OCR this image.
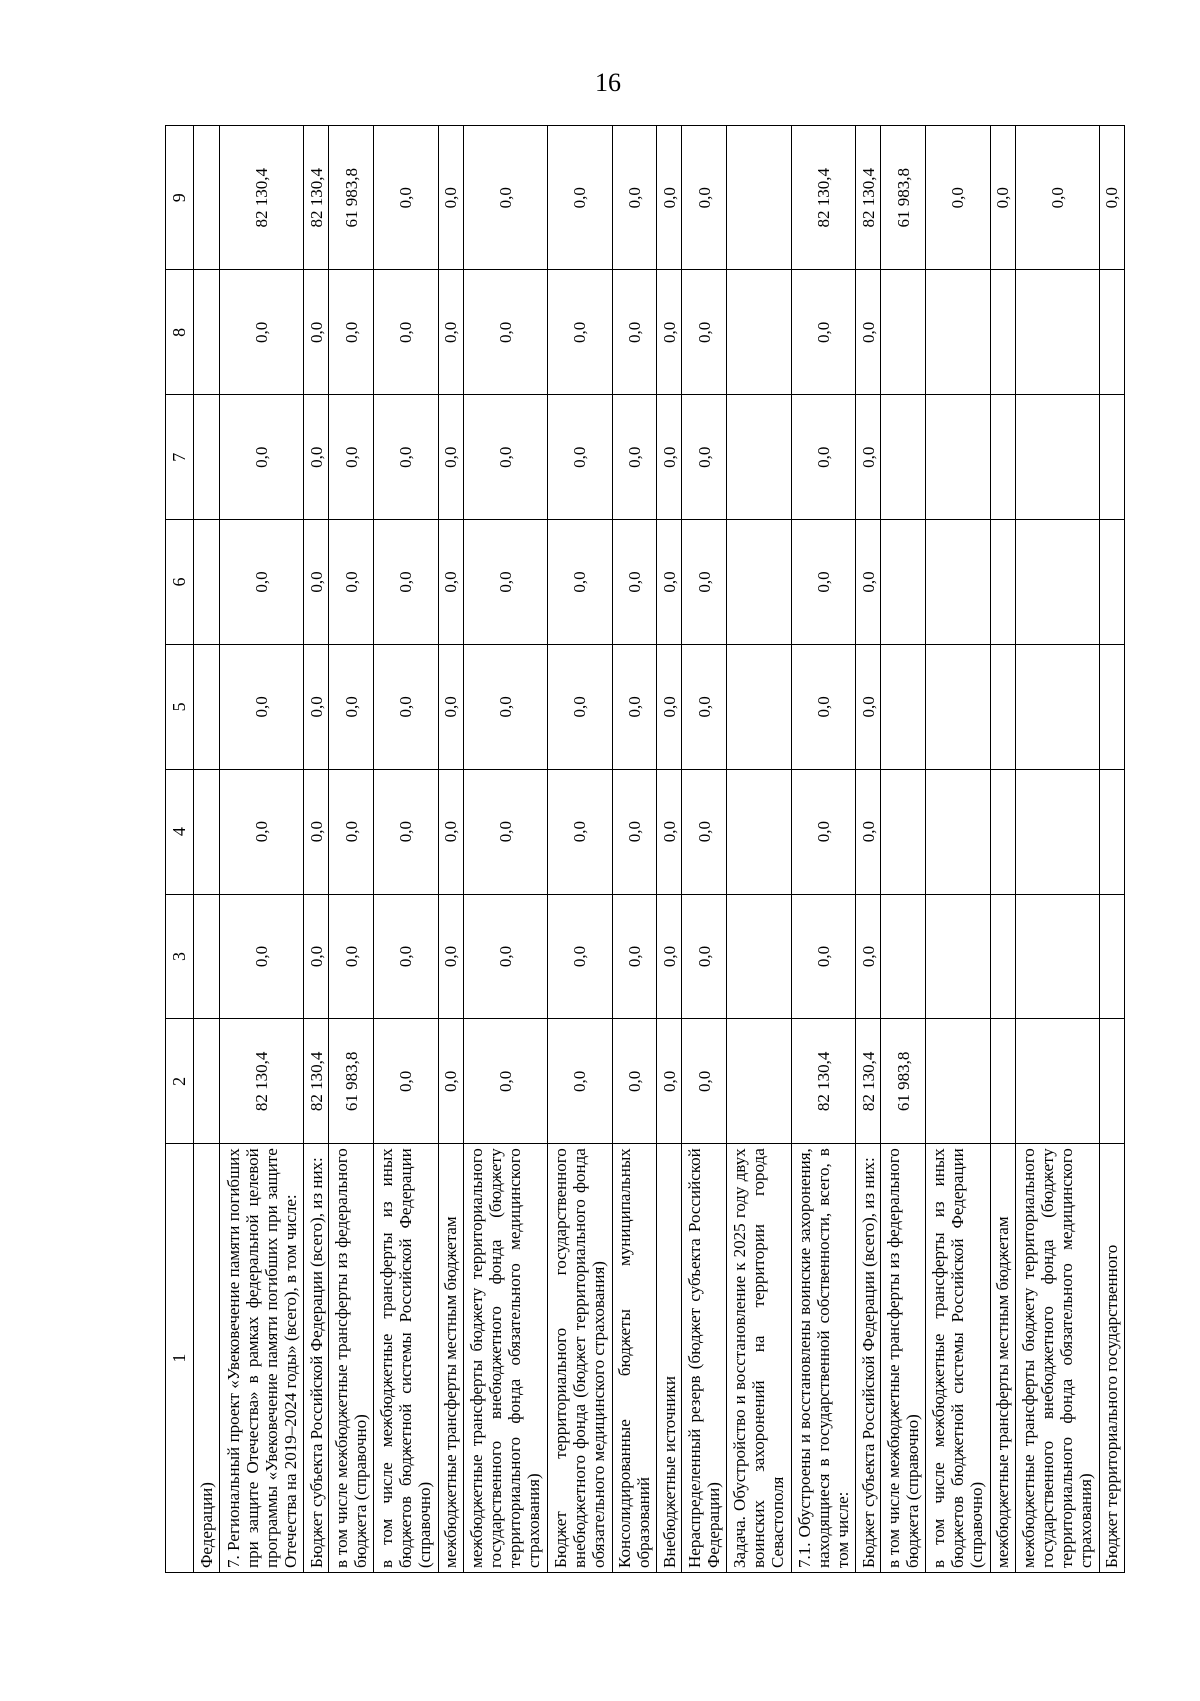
16
1	2	3	4	5	6	7	8	9
Федерации)								
7. Региональный проект «Увековечение памяти погибших при защите Отечества» в рамках федеральной целевой программы «Увековечение памяти погибших при защите Отечества на 2019–2024 годы» (всего), в том числе:	82 130,4	0,0	0,0	0,0	0,0	0,0	0,0	82 130,4
Бюджет субъекта Российской Федерации (всего), из них:	82 130,4	0,0	0,0	0,0	0,0	0,0	0,0	82 130,4
в том числе межбюджетные трансферты из федерального бюджета (справочно)	61 983,8	0,0	0,0	0,0	0,0	0,0	0,0	61 983,8
в том числе межбюджетные трансферты из иных бюджетов бюджетной системы Российской Федерации (справочно)	0,0	0,0	0,0	0,0	0,0	0,0	0,0	0,0
межбюджетные трансферты местным бюджетам	0,0	0,0	0,0	0,0	0,0	0,0	0,0	0,0
межбюджетные трансферты бюджету территориального государственного внебюджетного фонда (бюджету территориального фонда обязательного медицинского страхования)	0,0	0,0	0,0	0,0	0,0	0,0	0,0	0,0
Бюджет территориального государственного внебюджетного фонда (бюджет территориального фонда обязательного медицинского страхования)	0,0	0,0	0,0	0,0	0,0	0,0	0,0	0,0
Консолидированные бюджеты муниципальных образований	0,0	0,0	0,0	0,0	0,0	0,0	0,0	0,0
Внебюджетные источники	0,0	0,0	0,0	0,0	0,0	0,0	0,0	0,0
Нераспределенный резерв (бюджет субъекта Российской Федерации)	0,0	0,0	0,0	0,0	0,0	0,0	0,0	0,0
Задача. Обустройство и восстановление к 2025 году двух воинских захоронений на территории города Севастополя								
7.1. Обустроены и восстановлены воинские захоронения, находящиеся в государственной собственности, всего, в том числе:	82 130,4	0,0	0,0	0,0	0,0	0,0	0,0	82 130,4
Бюджет субъекта Российской Федерации (всего), из них:	82 130,4	0,0	0,0	0,0	0,0	0,0	0,0	82 130,4
в том числе межбюджетные трансферты из федерального бюджета (справочно)	61 983,8							61 983,8
в том числе межбюджетные трансферты из иных бюджетов бюджетной системы Российской Федерации (справочно)								0,0
межбюджетные трансферты местным бюджетам								0,0
межбюджетные трансферты бюджету территориального государственного внебюджетного фонда (бюджету территориального фонда обязательного медицинского страхования)								0,0
Бюджет территориального государственного								0,0
